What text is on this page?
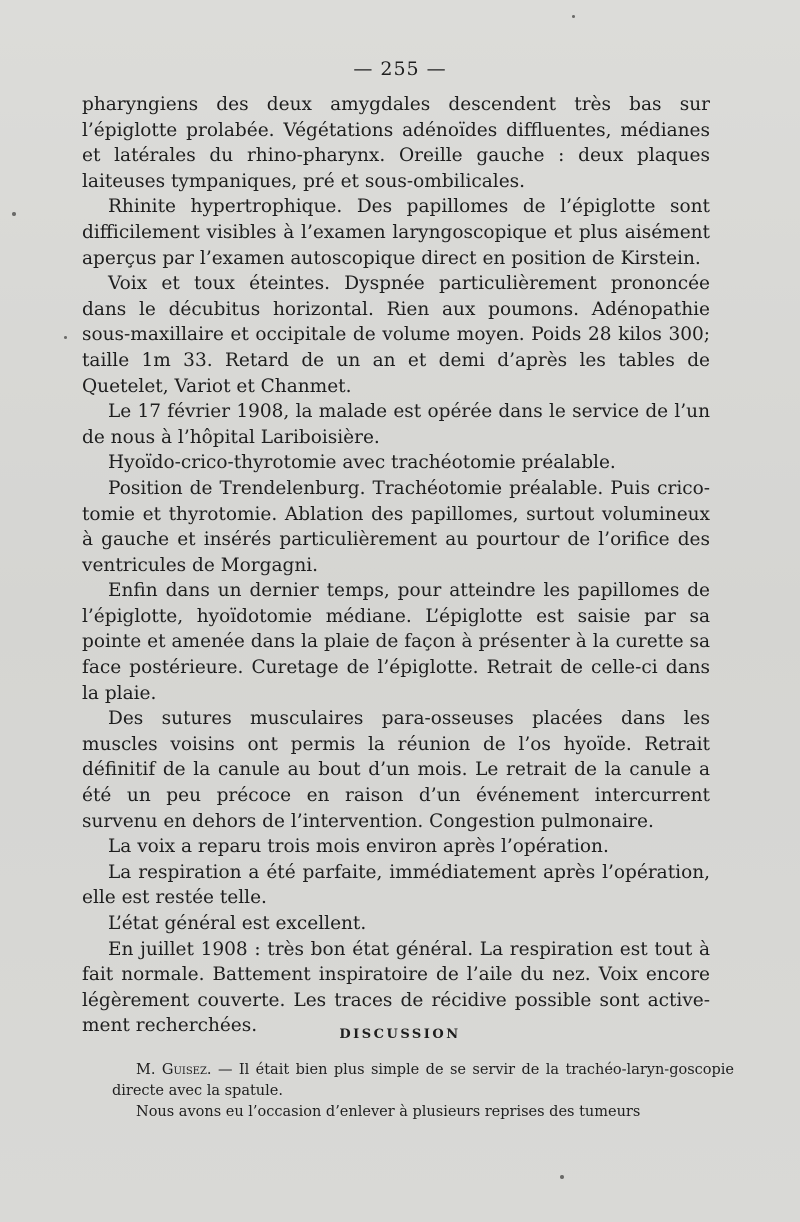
— 255 —

pharyngiens des deux amygdales descendent très bas sur l’épiglotte prolabée. Végétations adénoïdes diffluentes, médianes et latérales du rhino-pharynx. Oreille gauche : deux plaques laiteuses tympaniques, pré et sous-ombilicales.

Rhinite hypertrophique. Des papillomes de l’épiglotte sont difficilement visibles à l’examen laryngoscopique et plus aisément aperçus par l’examen autoscopique direct en position de Kirstein.

Voix et toux éteintes. Dyspnée particulièrement prononcée dans le décubitus horizontal. Rien aux poumons. Adénopathie sous-maxillaire et occipitale de volume moyen. Poids 28 kilos 300; taille 1m 33. Retard de un an et demi d’après les tables de Quetelet, Variot et Chanmet.

Le 17 février 1908, la malade est opérée dans le service de l’un de nous à l’hôpital Lariboisière.

Hyoïdo-crico-thyrotomie avec trachéotomie préalable.

Position de Trendelenburg. Trachéotomie préalable. Puis crico-tomie et thyrotomie. Ablation des papillomes, surtout volumineux à gauche et insérés particulièrement au pourtour de l’orifice des ventricules de Morgagni.

Enfin dans un dernier temps, pour atteindre les papillomes de l’épiglotte, hyoïdotomie médiane. L’épiglotte est saisie par sa pointe et amenée dans la plaie de façon à présenter à la curette sa face postérieure. Curetage de l’épiglotte. Retrait de celle-ci dans la plaie.

Des sutures musculaires para-osseuses placées dans les muscles voisins ont permis la réunion de l’os hyoïde. Retrait définitif de la canule au bout d’un mois. Le retrait de la canule a été un peu précoce en raison d’un événement intercurrent survenu en dehors de l’intervention. Congestion pulmonaire.

La voix a reparu trois mois environ après l’opération.

La respiration a été parfaite, immédiatement après l’opération, elle est restée telle.

L’état général est excellent.

En juillet 1908 : très bon état général. La respiration est tout à fait normale. Battement inspiratoire de l’aile du nez. Voix encore légèrement couverte. Les traces de récidive possible sont active-ment recherchées.	DISCUSSION

M. Guisez. — Il était bien plus simple de se servir de la trachéo-laryn-goscopie directe avec la spatule.

Nous avons eu l’occasion d’enlever à plusieurs reprises des tumeurs
